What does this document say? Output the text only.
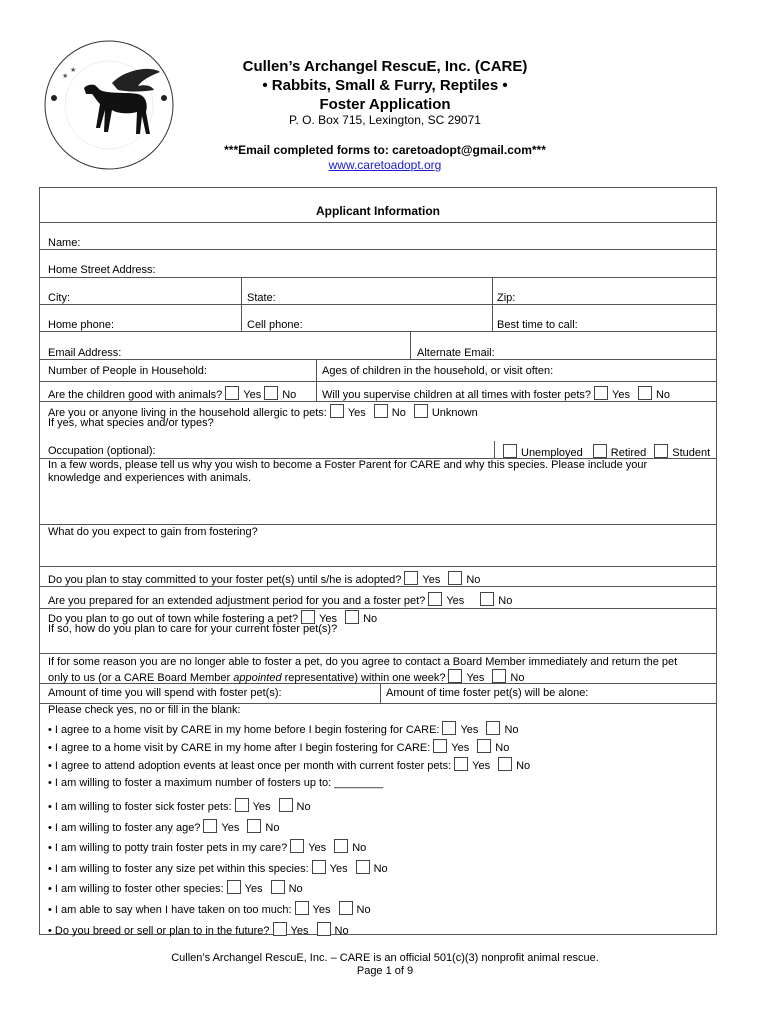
★
★	Cullen’s Archangel RescuE, Inc. (CARE)
• Rabbits, Small & Furry, Reptiles •
Foster Application
P. O. Box 715, Lexington, SC 29071
***Email completed forms to: caretoadopt@gmail.com***
www.caretoadopt.org
Applicant Information
Name:
Home Street Address:
City:	State:	Zip:
Home phone:	Cell phone:	Best time to call:
Email Address:	Alternate Email:
Number of People in Household:	Ages of children in the household, or visit often:
Are the children good with animals? Yes No Will you supervise children at all times with foster pets? Yes No
Are you or anyone living in the household allergic to pets: Yes No Unknown
If yes, what species and/or types?
Occupation (optional):	Unemployed	Retired Student
In a few words, please tell us why you wish to become a Foster Parent for CARE and why this species. Please include your
knowledge and experiences with animals.
What do you expect to gain from fostering?
Do you plan to stay committed to your foster pet(s) until s/he is adopted? Yes No
Are you prepared for an extended adjustment period for you and a foster pet? Yes	No
Do you plan to go out of town while fostering a pet? Yes No
If so, how do you plan to care for your current foster pet(s)?
If for some reason you are no longer able to foster a pet, do you agree to contact a Board Member immediately and return the pet
only to us (or a CARE Board Member appointed representative) within one week? Yes No
Amount of time you will spend with foster pet(s):	Amount of time foster pet(s) will be alone:
Please check yes, no or fill in the blank:
• I agree to a home visit by CARE in my home before I begin fostering for CARE: Yes No
• I agree to a home visit by CARE in my home after I begin fostering for CARE: Yes No
• I agree to attend adoption events at least once per month with current foster pets: Yes No
• I am willing to foster a maximum number of fosters up to: ________
• I am willing to foster sick foster pets: Yes No
• I am willing to foster any age? Yes No
• I am willing to potty train foster pets in my care? Yes No
• I am willing to foster any size pet within this species: Yes No
• I am willing to foster other species: Yes No
• I am able to say when I have taken on too much: Yes No
• Do you breed or sell or plan to in the future? Yes No
Cullen’s Archangel RescuE, Inc. – CARE is an official 501(c)(3) nonprofit animal rescue.
Page 1 of 9
